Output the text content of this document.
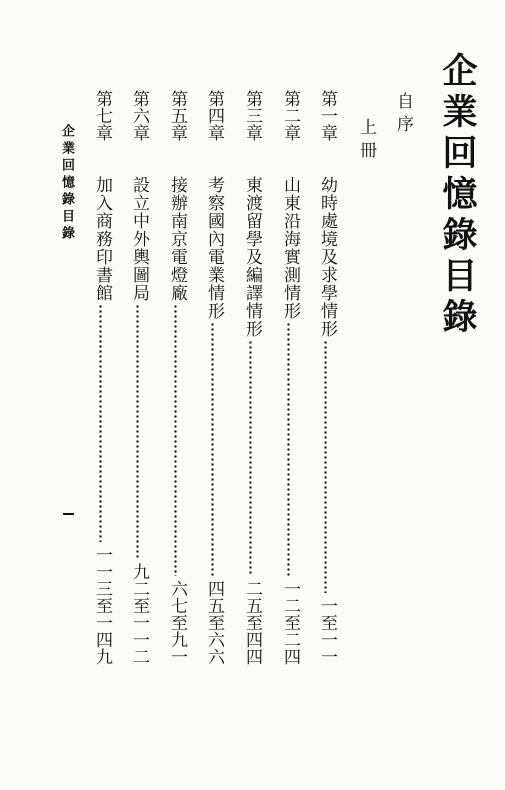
企業回憶錄目錄
自序
上冊
第一章
幼時處境及求學情形
一至一一
第二章
山東沿海實測情形
一二至二四
第三章
東渡留學及編譯情形
二五至四四
第四章
考察國內電業情形
四五至六六
第五章
接辦南京電燈廠
六七至九一
第六章
設立中外輿圖局
九二至一一二
第七章
加入商務印書館
一一三至一四九
企業回憶錄目錄
